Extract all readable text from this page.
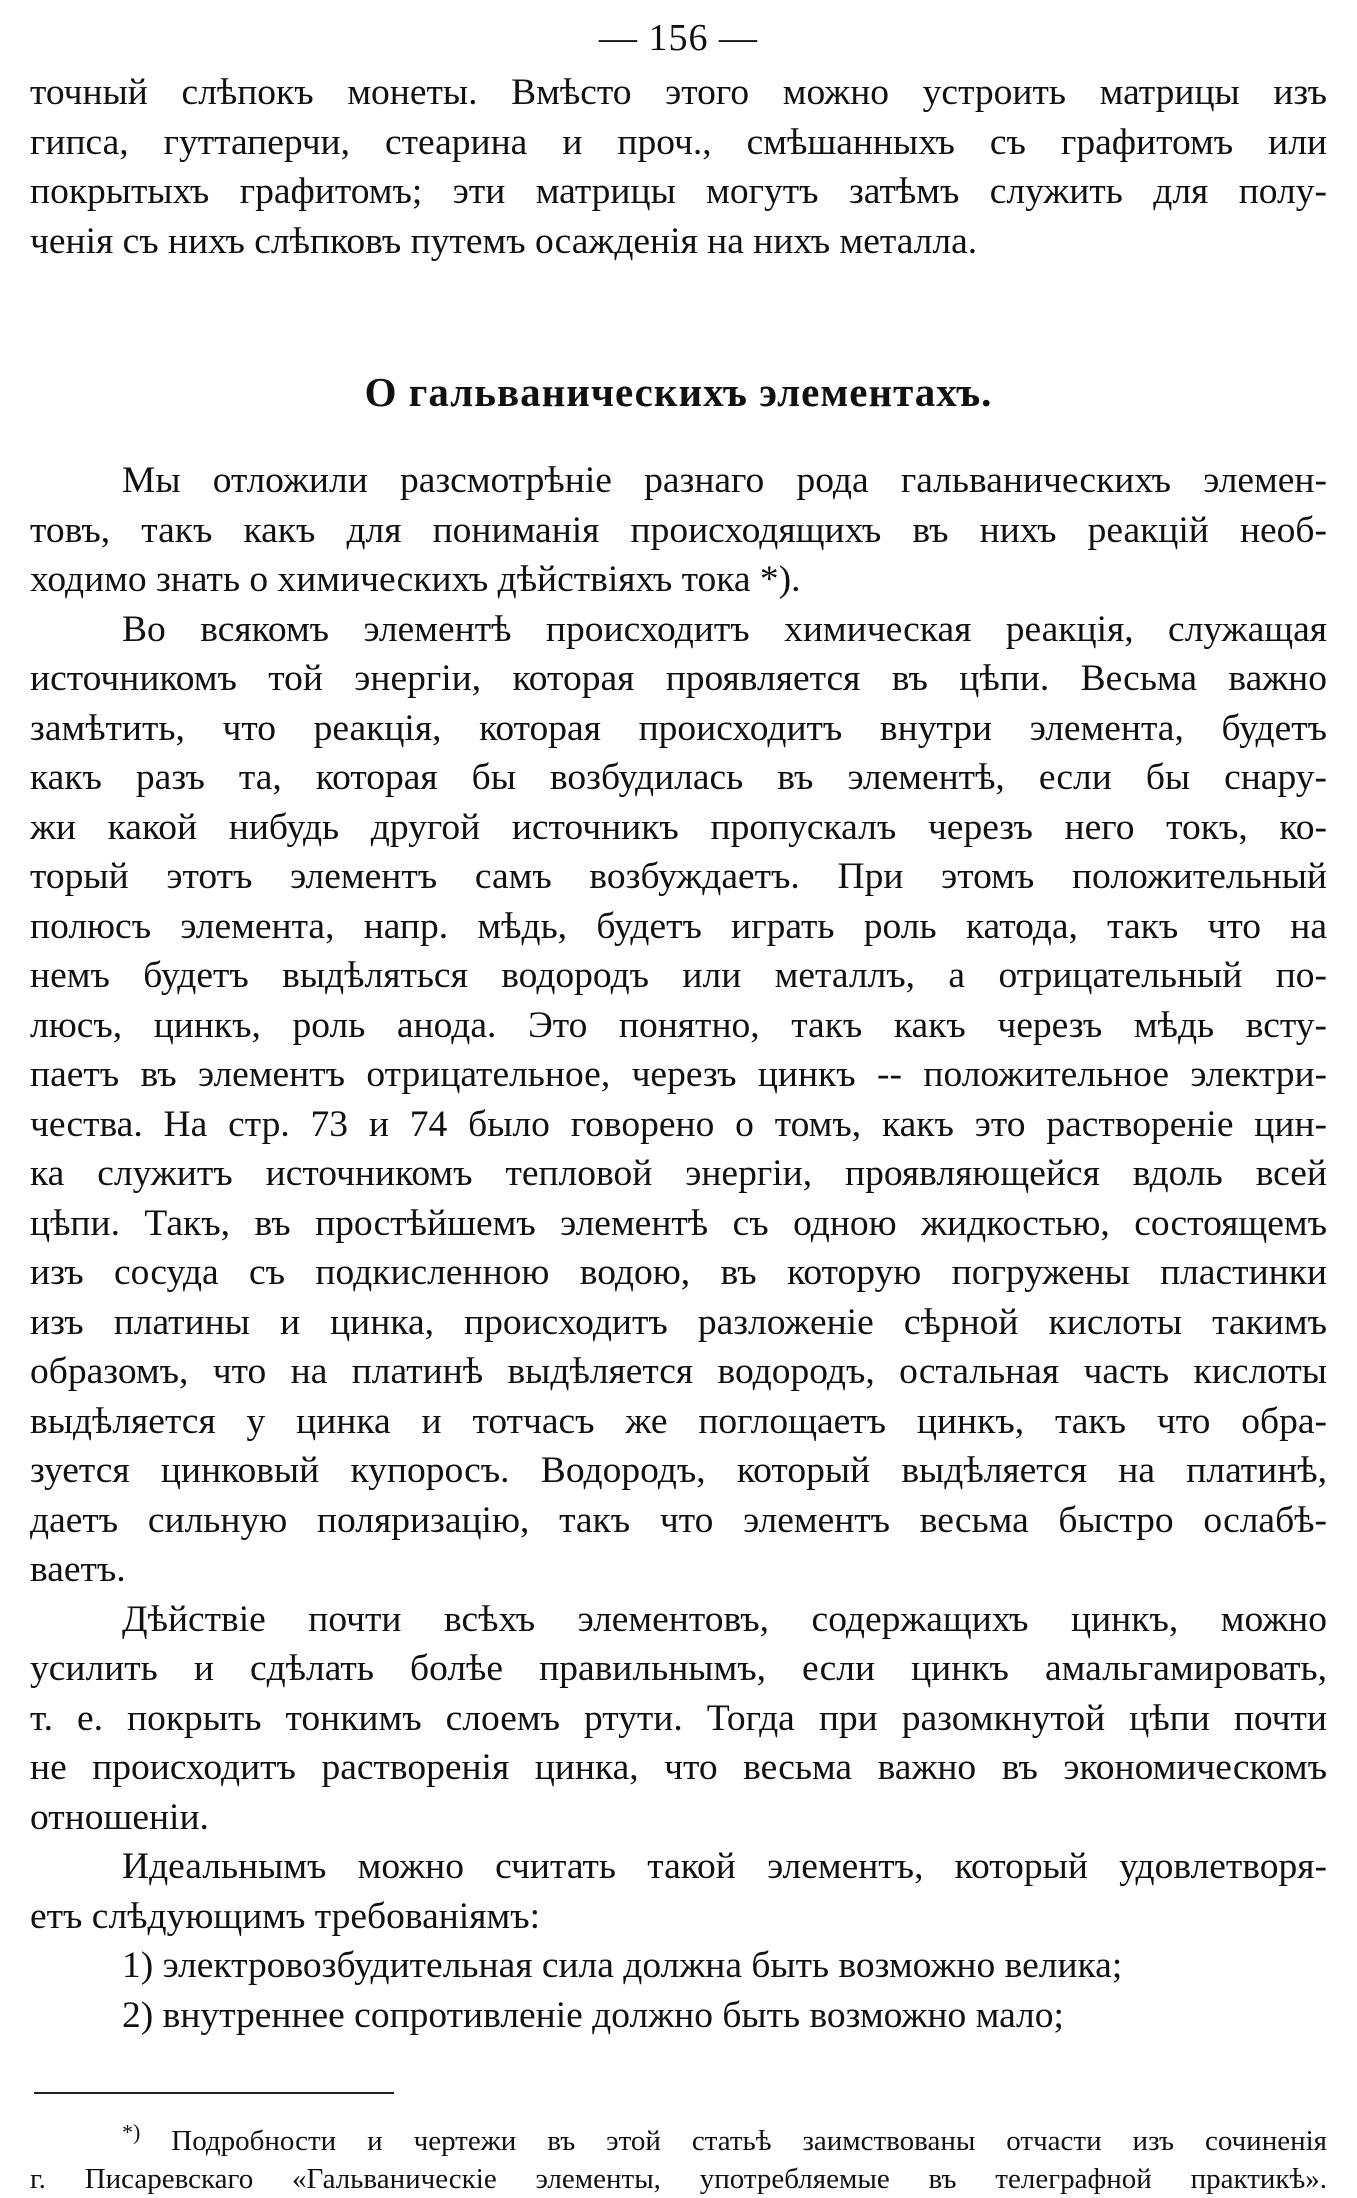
— 156 —
точный слѣпокъ монеты. Вмѣсто этого можно устроить матрицы изъ
гипса, гуттаперчи, стеарина и проч., смѣшанныхъ съ графитомъ или
покрытыхъ графитомъ; эти матрицы могутъ затѣмъ служить для полу-
ченія съ нихъ слѣпковъ путемъ осажденія на нихъ металла.
О гальваническихъ элементахъ.
Мы отложили разсмотрѣніе разнаго рода гальваническихъ элемен-
товъ, такъ какъ для пониманія происходящихъ въ нихъ реакцій необ-
ходимо знать о химическихъ дѣйствіяхъ тока *).
Во всякомъ элементѣ происходитъ химическая реакція, служащая
источникомъ той энергіи, которая проявляется въ цѣпи. Весьма важно
замѣтить, что реакція, которая происходитъ внутри элемента, будетъ
какъ разъ та, которая бы возбудилась въ элементѣ, если бы снару-
жи какой нибудь другой источникъ пропускалъ черезъ него токъ, ко-
торый этотъ элементъ самъ возбуждаетъ. При этомъ положительный
полюсъ элемента, напр. мѣдь, будетъ играть роль катода, такъ что на
немъ будетъ выдѣляться водородъ или металлъ, а отрицательный по-
люсъ, цинкъ, роль анода. Это понятно, такъ какъ черезъ мѣдь всту-
паетъ въ элементъ отрицательное, черезъ цинкъ -- положительное электри-
чества. На стр. 73 и 74 было говорено о томъ, какъ это раствореніе цин-
ка служитъ источникомъ тепловой энергіи, проявляющейся вдоль всей
цѣпи. Такъ, въ простѣйшемъ элементѣ съ одною жидкостью, состоящемъ
изъ сосуда съ подкисленною водою, въ которую погружены пластинки
изъ платины и цинка, происходитъ разложеніе сѣрной кислоты такимъ
образомъ, что на платинѣ выдѣляется водородъ, остальная часть кислоты
выдѣляется у цинка и тотчасъ же поглощаетъ цинкъ, такъ что обра-
зуется цинковый купоросъ. Водородъ, который выдѣляется на платинѣ,
даетъ сильную поляризацію, такъ что элементъ весьма быстро ослабѣ-
ваетъ.
Дѣйствіе почти всѣхъ элементовъ, содержащихъ цинкъ, можно
усилить и сдѣлать болѣе правильнымъ, если цинкъ амальгамировать,
т. е. покрыть тонкимъ слоемъ ртути. Тогда при разомкнутой цѣпи почти
не происходитъ растворенія цинка, что весьма важно въ экономическомъ
отношеніи.
Идеальнымъ можно считать такой элементъ, который удовлетворя-
етъ слѣдующимъ требованіямъ:
1) электровозбудительная сила должна быть возможно велика;
2) внутреннее сопротивленіе должно быть возможно мало;
*) Подробности и чертежи въ этой статьѣ заимствованы отчасти изъ сочиненія
г. Писаревскаго «Гальваническіе элементы, употребляемые въ телеграфной практикѣ».
